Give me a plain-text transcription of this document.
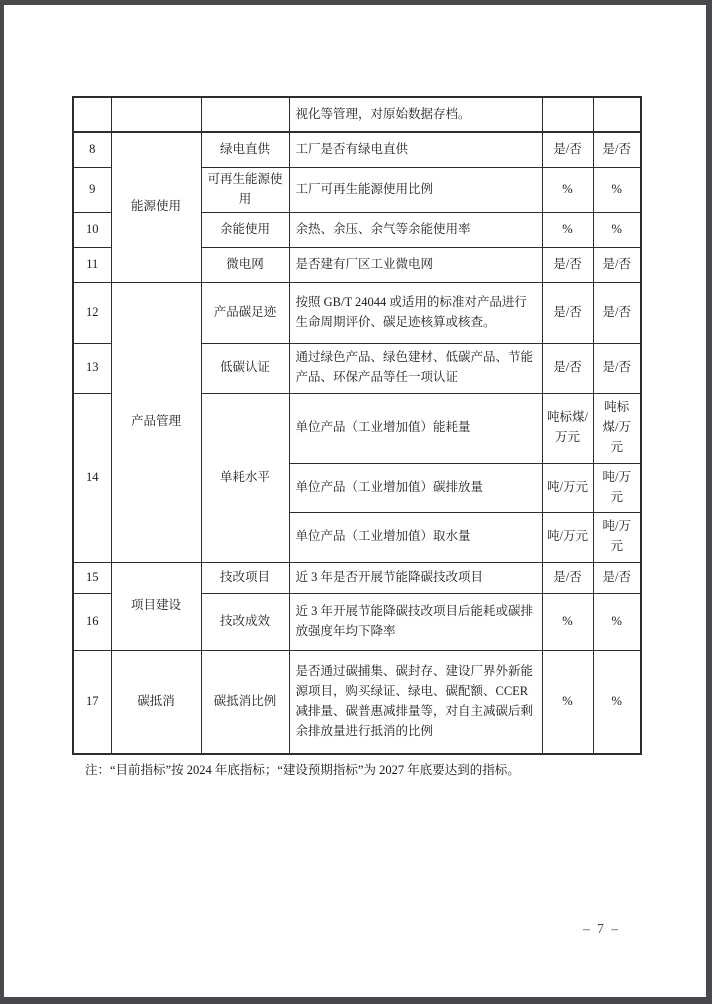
			视化等管理，对原始数据存档。		
8	能源使用	绿电直供	工厂是否有绿电直供	是/否	是/否
9		可再生能源使用	工厂可再生能源使用比例	%	%
10		余能使用	余热、余压、余气等余能使用率	%	%
11		微电网	是否建有厂区工业微电网	是/否	是/否
12	产品管理	产品碳足迹	按照 GB/T 24044 或适用的标准对产品进行生命周期评价、碳足迹核算或核查。	是/否	是/否
13		低碳认证	通过绿色产品、绿色建材、低碳产品、节能产品、环保产品等任一项认证	是/否	是/否
14		单耗水平	单位产品（工业增加值）能耗量	吨标煤/万元	吨标煤/万元
			单位产品（工业增加值）碳排放量	吨/万元	吨/万元
			单位产品（工业增加值）取水量	吨/万元	吨/万元
15	项目建设	技改项目	近 3 年是否开展节能降碳技改项目	是/否	是/否
16		技改成效	近 3 年开展节能降碳技改项目后能耗或碳排放强度年均下降率	%	%
17	碳抵消	碳抵消比例	是否通过碳捕集、碳封存、建设厂界外新能源项目，购买绿证、绿电、碳配额、CCER 减排量、碳普惠减排量等，对自主减碳后剩余排放量进行抵消的比例	%	%
注：“目前指标”按 2024 年底指标；“建设预期指标”为 2027 年底要达到的指标。
– 7 –
